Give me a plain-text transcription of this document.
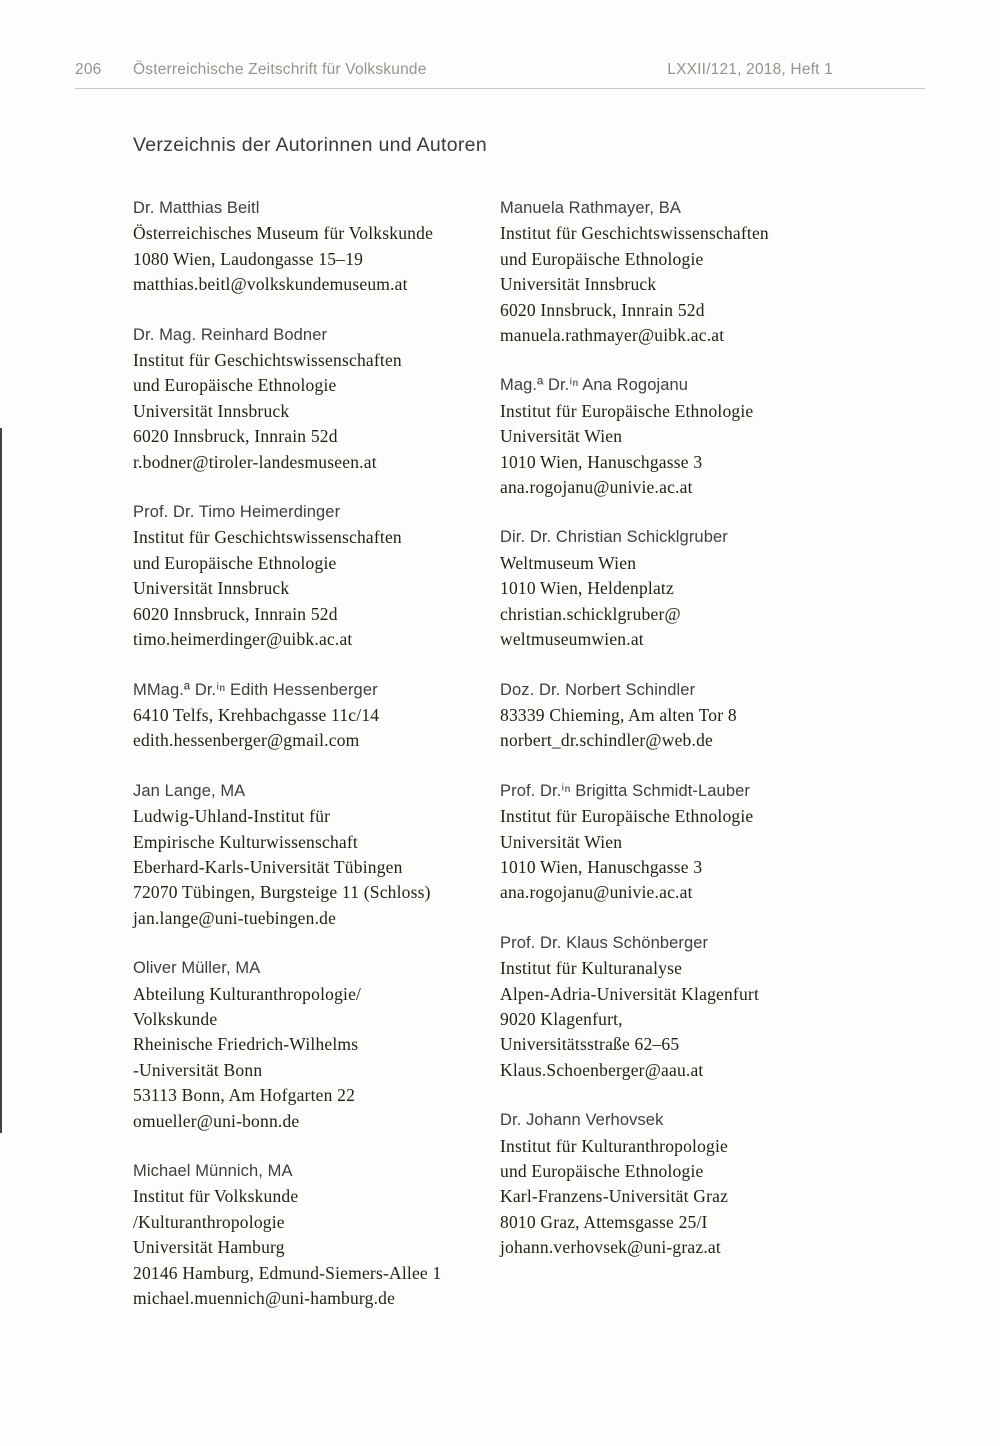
206 Österreichische Zeitschrift für Volkskunde	LXXII/121, 2018, Heft 1
Verzeichnis der Autorinnen und Autoren
Dr. Matthias Beitl
Österreichisches Museum für Volkskunde
1080 Wien, Laudongasse 15–19
matthias.beitl@volkskundemuseum.at
Dr. Mag. Reinhard Bodner
Institut für Geschichtswissenschaften
und Europäische Ethnologie
Universität Innsbruck
6020 Innsbruck, Innrain 52d
r.bodner@tiroler-landesmuseen.at
Prof. Dr. Timo Heimerdinger
Institut für Geschichtswissenschaften
und Europäische Ethnologie
Universität Innsbruck
6020 Innsbruck, Innrain 52d
timo.heimerdinger@uibk.ac.at
MMag.ª Dr.ⁱⁿ Edith Hessenberger
6410 Telfs, Krehbachgasse 11c/14
edith.hessenberger@gmail.com
Jan Lange, MA
Ludwig-Uhland-Institut für
Empirische Kulturwissenschaft
Eberhard-Karls-Universität Tübingen
72070 Tübingen, Burgsteige 11 (Schloss)
jan.lange@uni-tuebingen.de
Oliver Müller, MA
Abteilung Kulturanthropologie/
Volkskunde
Rheinische Friedrich-Wilhelms
-Universität Bonn
53113 Bonn, Am Hofgarten 22
omueller@uni-bonn.de
Michael Münnich, MA
Institut für Volkskunde
/Kulturanthropologie
Universität Hamburg
20146 Hamburg, Edmund-Siemers-Allee 1
michael.muennich@uni-hamburg.de
Manuela Rathmayer, BA
Institut für Geschichtswissenschaften
und Europäische Ethnologie
Universität Innsbruck
6020 Innsbruck, Innrain 52d
manuela.rathmayer@uibk.ac.at
Mag.ª Dr.ⁱⁿ Ana Rogojanu
Institut für Europäische Ethnologie
Universität Wien
1010 Wien, Hanuschgasse 3
ana.rogojanu@univie.ac.at
Dir. Dr. Christian Schicklgruber
Weltmuseum Wien
1010 Wien, Heldenplatz
christian.schicklgruber@
weltmuseumwien.at
Doz. Dr. Norbert Schindler
83339 Chieming, Am alten Tor 8
norbert_dr.schindler@web.de
Prof. Dr.ⁱⁿ Brigitta Schmidt-Lauber
Institut für Europäische Ethnologie
Universität Wien
1010 Wien, Hanuschgasse 3
ana.rogojanu@univie.ac.at
Prof. Dr. Klaus Schönberger
Institut für Kulturanalyse
Alpen-Adria-Universität Klagenfurt
9020 Klagenfurt,
Universitätsstraße 62–65
Klaus.Schoenberger@aau.at
Dr. Johann Verhovsek
Institut für Kulturanthropologie
und Europäische Ethnologie
Karl-Franzens-Universität Graz
8010 Graz, Attemsgasse 25/I
johann.verhovsek@uni-graz.at
